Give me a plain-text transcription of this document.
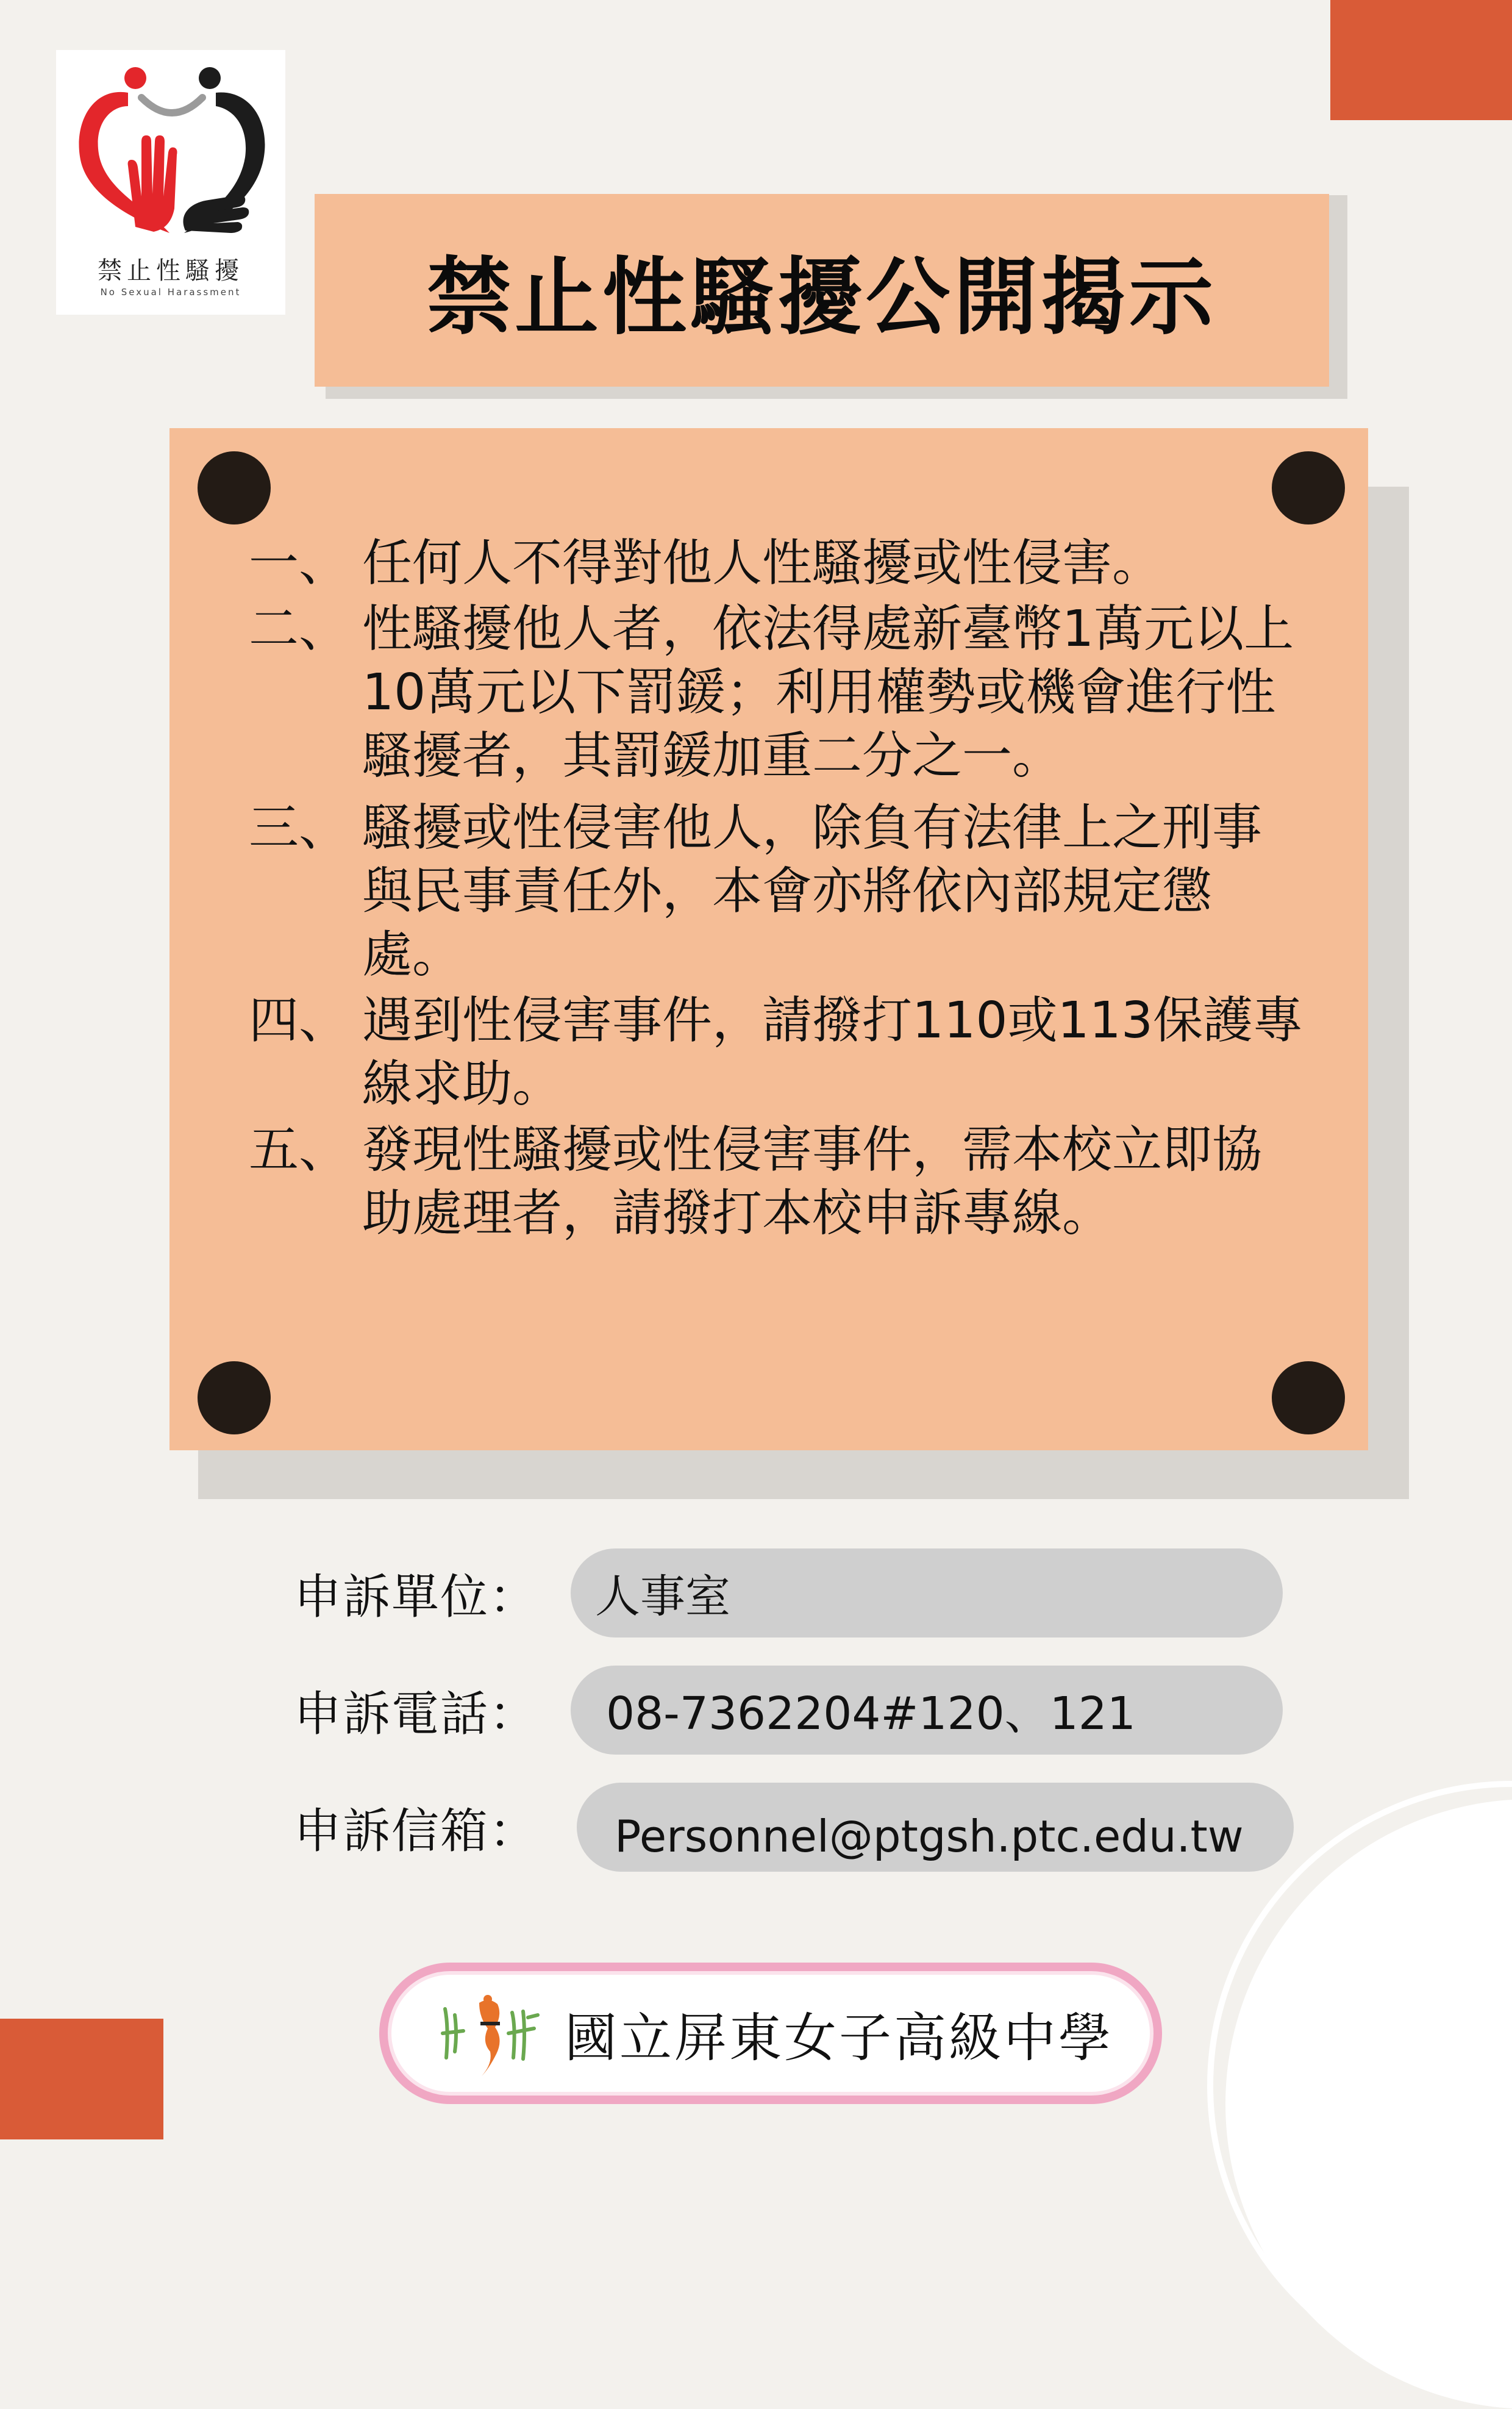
禁止性騷擾
No Sexual Harassment	禁止性騷擾公開揭示
一、 任何人不得對他人性騷擾或性侵害。
二、 性騷擾他人者，依法得處新臺幣1萬元以上10萬元以下罰鍰；利用權勢或機會進行性騷擾者，其罰鍰加重二分之一。
三、 騷擾或性侵害他人，除負有法律上之刑事與民事責任外，本會亦將依內部規定懲處。
四、 遇到性侵害事件，請撥打110或113保護專線求助。
五、 發現性騷擾或性侵害事件，需本校立即協助處理者，請撥打本校申訴專線。
申訴單位：	人事室
申訴電話：	08-7362204#120、121
申訴信箱：	Personnel@ptgsh.ptc.edu.tw
國立屏東女子高級中學
